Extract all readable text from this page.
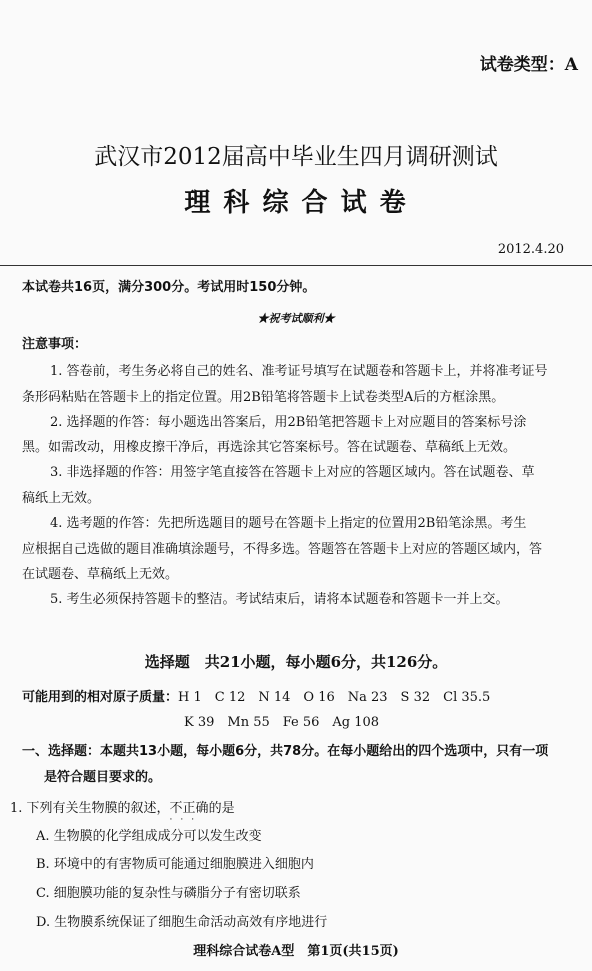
试卷类型：A
武汉市2012届高中毕业生四月调研测试
理 科 综 合 试 卷
2012.4.20
本试卷共16页，满分300分。考试用时150分钟。
★祝考试顺利★
注意事项：
1. 答卷前，考生务必将自己的姓名、准考证号填写在试题卷和答题卡上，并将准考证号
条形码粘贴在答题卡上的指定位置。用2B铅笔将答题卡上试卷类型A后的方框涂黑。
2. 选择题的作答：每小题选出答案后，用2B铅笔把答题卡上对应题目的答案标号涂
黑。如需改动，用橡皮擦干净后，再选涂其它答案标号。答在试题卷、草稿纸上无效。
3. 非选择题的作答：用签字笔直接答在答题卡上对应的答题区域内。答在试题卷、草
稿纸上无效。
4. 选考题的作答：先把所选题目的题号在答题卡上指定的位置用2B铅笔涂黑。考生
应根据自己选做的题目准确填涂题号，不得多选。答题答在答题卡上对应的答题区域内，答
在试题卷、草稿纸上无效。
5. 考生必须保持答题卡的整洁。考试结束后，请将本试题卷和答题卡一并上交。
选择题　共21小题，每小题6分，共126分。
可能用到的相对原子质量：H 1　C 12　N 14　O 16　Na 23　S 32　Cl 35.5
K 39　Mn 55　Fe 56　Ag 108
一、选择题：本题共13小题，每小题6分，共78分。在每小题给出的四个选项中，只有一项
是符合题目要求的。
1. 下列有关生物膜的叙述，不正确
···
的是
A. 生物膜的化学组成成分可以发生改变
B. 环境中的有害物质可能通过细胞膜进入细胞内
C. 细胞膜功能的复杂性与磷脂分子有密切联系
D. 生物膜系统保证了细胞生命活动高效有序地进行
理科综合试卷A型　第1页(共15页)
